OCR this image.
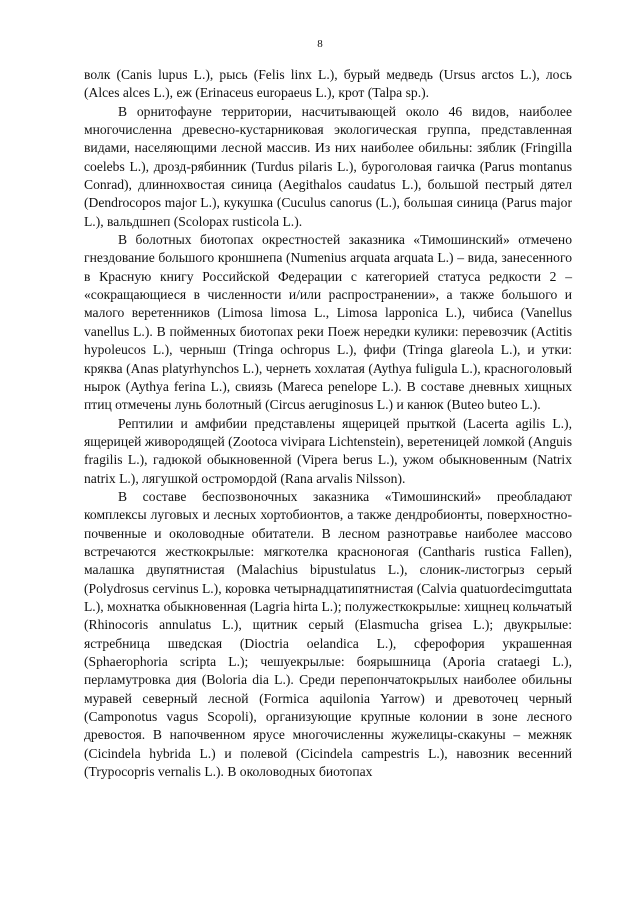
8

волк (Canis lupus L.), рысь (Felis linx L.), бурый медведь (Ursus arctos L.), лось (Alces alces L.), еж (Erinaceus europaeus L.), крот (Talpa sp.).

В орнитофауне территории, насчитывающей около 46 видов, наиболее многочисленна древесно-кустарниковая экологическая группа, представленная видами, населяющими лесной массив. Из них наиболее обильны: зяблик (Fringilla coelebs L.), дрозд-рябинник (Turdus pilaris L.), буроголовая гаичка (Parus montanus Conrad), длиннохвостая синица (Aegithalos caudatus L.), большой пестрый дятел (Dendrocopos major L.), кукушка (Cuculus canorus (L.), большая синица (Parus major L.), вальдшнеп (Scolopax rusticola L.).

В болотных биотопах окрестностей заказника «Тимошинский» отмечено гнездование большого кроншнепа (Numenius arquata arquata L.) – вида, занесенного в Красную книгу Российской Федерации с категорией статуса редкости 2 – «сокращающиеся в численности и/или распространении», а также большого и малого веретенников (Limosa limosa L., Limosa lapponica L.), чибиса (Vanellus vanellus L.). В пойменных биотопах реки Поеж нередки кулики: перевозчик (Actitis hypoleucos L.), черныш (Tringa ochropus L.), фифи (Tringa glareola L.), и утки: кряква (Anas platyrhynchos L.), чернеть хохлатая (Aythya fuligula L.), красноголовый нырок (Aythya ferina L.), свиязь (Mareca penelope L.). В составе дневных хищных птиц отмечены лунь болотный (Circus aeruginosus L.) и канюк (Buteo buteo L.).

Рептилии и амфибии представлены ящерицей прыткой (Lacerta agilis L.), ящерицей живородящей (Zootoca vivipara Lichtenstein), веретеницей ломкой (Anguis fragilis L.), гадюкой обыкновенной (Vipera berus L.), ужом обыкновенным (Natrix natrix L.), лягушкой остромордой (Rana arvalis Nilsson).

В составе беспозвоночных заказника «Тимошинский» преобладают комплексы луговых и лесных хортобионтов, а также дендробионты, поверхностно-почвенные и околоводные обитатели. В лесном разнотравье наиболее массово встречаются жесткокрылые: мягкотелка красноногая (Cantharis rustica Fallen), малашка двупятнистая (Malachius bipustulatus L.), слоник-листогрыз серый (Polydrosus cervinus L.), коровка четырнадцатипятнистая (Calvia quatuordecimguttata L.), мохнатка обыкновенная (Lagria hirta L.); полужесткокрылые: хищнец кольчатый (Rhinocoris annulatus L.), щитник серый (Elasmucha grisea L.); двукрылые: ястребница шведская (Dioctria oelandica L.), сферофория украшенная (Sphaerophoria scripta L.); чешуекрылые: боярышница (Aporia crataegi L.), перламутровка дия (Boloria dia L.). Среди перепончатокрылых наиболее обильны муравей северный лесной (Formica aquilonia Yarrow) и древоточец черный (Camponotus vagus Scopoli), организующие крупные колонии в зоне лесного древостоя. В напочвенном ярусе многочисленны жужелицы-скакуны – межняк (Cicindela hybrida L.) и полевой (Cicindela campestris L.), навозник весенний (Trypocopris vernalis L.). В околоводных биотопах
